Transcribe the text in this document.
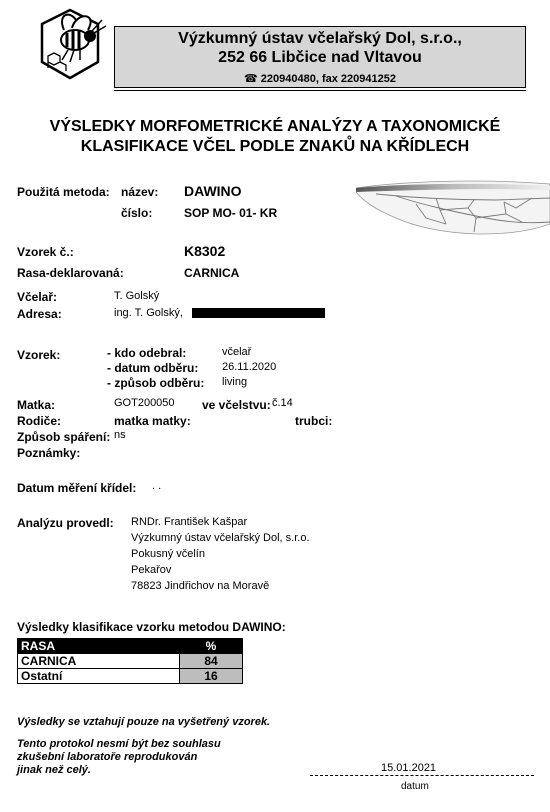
Výzkumný ústav včelařský Dol, s.r.o.,
252 66 Libčice nad Vltavou
☎ 220940480, fax 220941252
VÝSLEDKY MORFOMETRICKÉ ANALÝZY A TAXONOMICKÉ
KLASIFIKACE VČEL PODLE ZNAKŮ NA KŘÍDLECH
Použitá metoda: název: DAWINO
číslo:	SOP MO- 01- KR
Vzorek č.:	K8302
Rasa-deklarovaná:	CARNICA
Včelař:	T. Golský
Adresa:	ing. T. Golský,
Vzorek:	- kdo odebral:	včelař
- datum odběru: 26.11.2020
- způsob odběru: living
Matka:	GOT200050 ve včelstvu: č.14
Rodiče:	matka matky:	trubci:
Způsob spáření: ns
Poznámky:
Datum měření křídel: . .
Analýzu provedl: RNDr. František Kašpar
Výzkumný ústav včelařský Dol, s.r.o.
Pokusný včelín
Pekařov
78823 Jindřichov na Moravě
Výsledky klasifikace vzorku metodou DAWINO:
RASA	%
CARNICA	84
Ostatní	16
Výsledky se vztahují pouze na vyšetřený vzorek.
Tento protokol nesmí být bez souhlasu
zkušební laboratoře reprodukován
jinak než celý.	15.01.2021
datum
